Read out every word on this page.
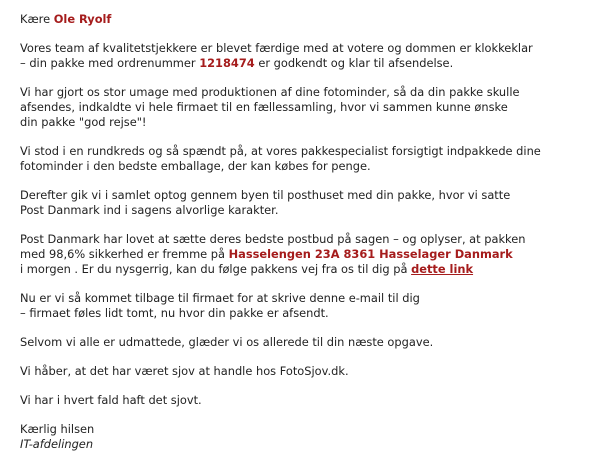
Kære Ole Ryolf

Vores team af kvalitetstjekkere er blevet færdige med at votere og dommen er klokkeklar
– din pakke med ordrenummer 1218474 er godkendt og klar til afsendelse.

Vi har gjort os stor umage med produktionen af dine fotominder, så da din pakke skulle
afsendes, indkaldte vi hele firmaet til en fællessamling, hvor vi sammen kunne ønske
din pakke "god rejse"!

Vi stod i en rundkreds og så spændt på, at vores pakkespecialist forsigtigt indpakkede dine
fotominder i den bedste emballage, der kan købes for penge.

Derefter gik vi i samlet optog gennem byen til posthuset med din pakke, hvor vi satte
Post Danmark ind i sagens alvorlige karakter.

Post Danmark har lovet at sætte deres bedste postbud på sagen – og oplyser, at pakken
med 98,6% sikkerhed er fremme på Hasselengen 23A 8361 Hasselager Danmark
i morgen . Er du nysgerrig, kan du følge pakkens vej fra os til dig på dette link

Nu er vi så kommet tilbage til firmaet for at skrive denne e-mail til dig
– firmaet føles lidt tomt, nu hvor din pakke er afsendt.

Selvom vi alle er udmattede, glæder vi os allerede til din næste opgave.

Vi håber, at det har været sjov at handle hos FotoSjov.dk.

Vi har i hvert fald haft det sjovt.

Kærlig hilsen
IT-afdelingen
